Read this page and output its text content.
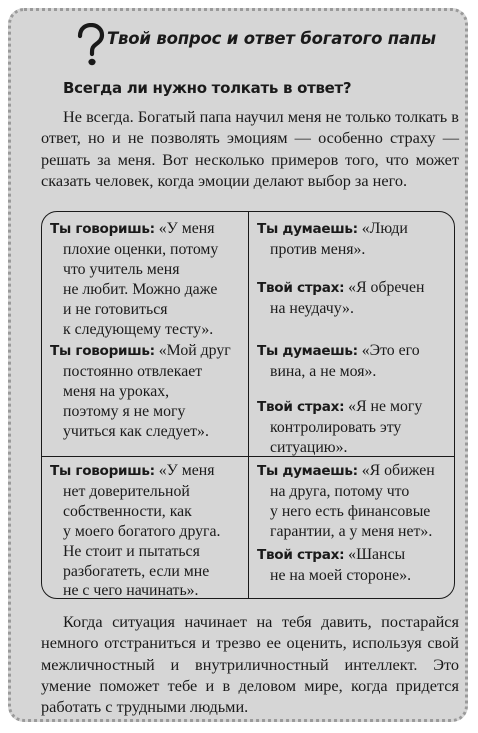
Твой вопрос и ответ богатого папы
Всегда ли нужно толкать в ответ?
Не всегда. Богатый папа научил меня не только толкать в ответ, но и не позволять эмоциям — особенно страху — решать за меня. Вот несколько примеров того, что может сказать человек, когда эмоции делают выбор за него.

Ты говоришь: «У меня
плохие оценки, потому
что учитель меня
не любит. Можно даже
и не готовиться
к следующему тесту».

Ты говоришь: «Мой друг
постоянно отвлекает
меня на уроках,
поэтому я не могу
учиться как следует».

Ты думаешь: «Люди
против меня».

Твой страх: «Я обречен
на неудачу».

Ты думаешь: «Это его
вина, а не моя».

Твой страх: «Я не могу
контролировать эту
ситуацию».

Ты говоришь: «У меня
нет доверительной
собственности, как
у моего богатого друга.
Не стоит и пытаться
разбогатеть, если мне
не с чего начинать».

Ты думаешь: «Я обижен
на друга, потому что
у него есть финансовые
гарантии, а у меня нет».

Твой страх: «Шансы
не на моей стороне».

Когда ситуация начинает на тебя давить, постарайся немного отстраниться и трезво ее оценить, используя свой межличностный и внутриличностный интеллект. Это умение поможет тебе и в деловом мире, когда придется работать с трудными людьми.
